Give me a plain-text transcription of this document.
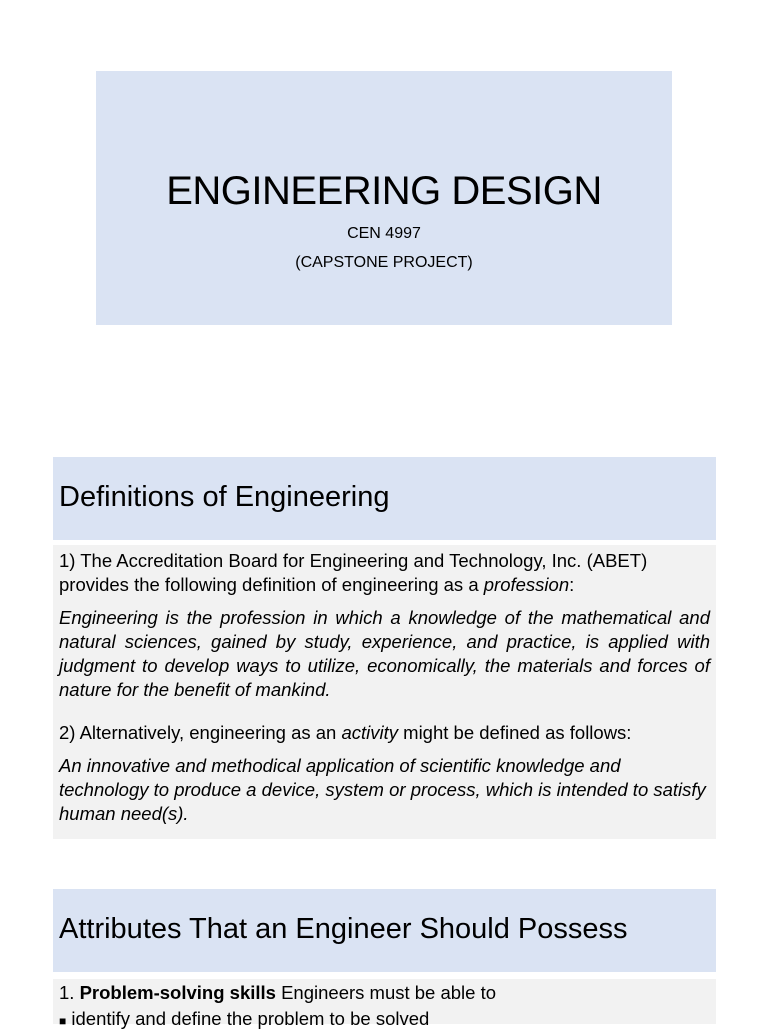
ENGINEERING DESIGN
CEN 4997
(CAPSTONE PROJECT)
Definitions of Engineering
1) The Accreditation Board for Engineering and Technology, Inc. (ABET) provides the following definition of engineering as a profession:
Engineering is the profession in which a knowledge of the mathematical and natural sciences, gained by study, experience, and practice, is applied with judgment to develop ways to utilize, economically, the materials and forces of nature for the benefit of mankind.
2) Alternatively, engineering as an activity might be defined as follows:
An innovative and methodical application of scientific knowledge and technology to produce a device, system or process, which is intended to satisfy human need(s).
Attributes That an Engineer Should Possess
1. Problem-solving skills Engineers must be able to
■ identify and define the problem to be solved
